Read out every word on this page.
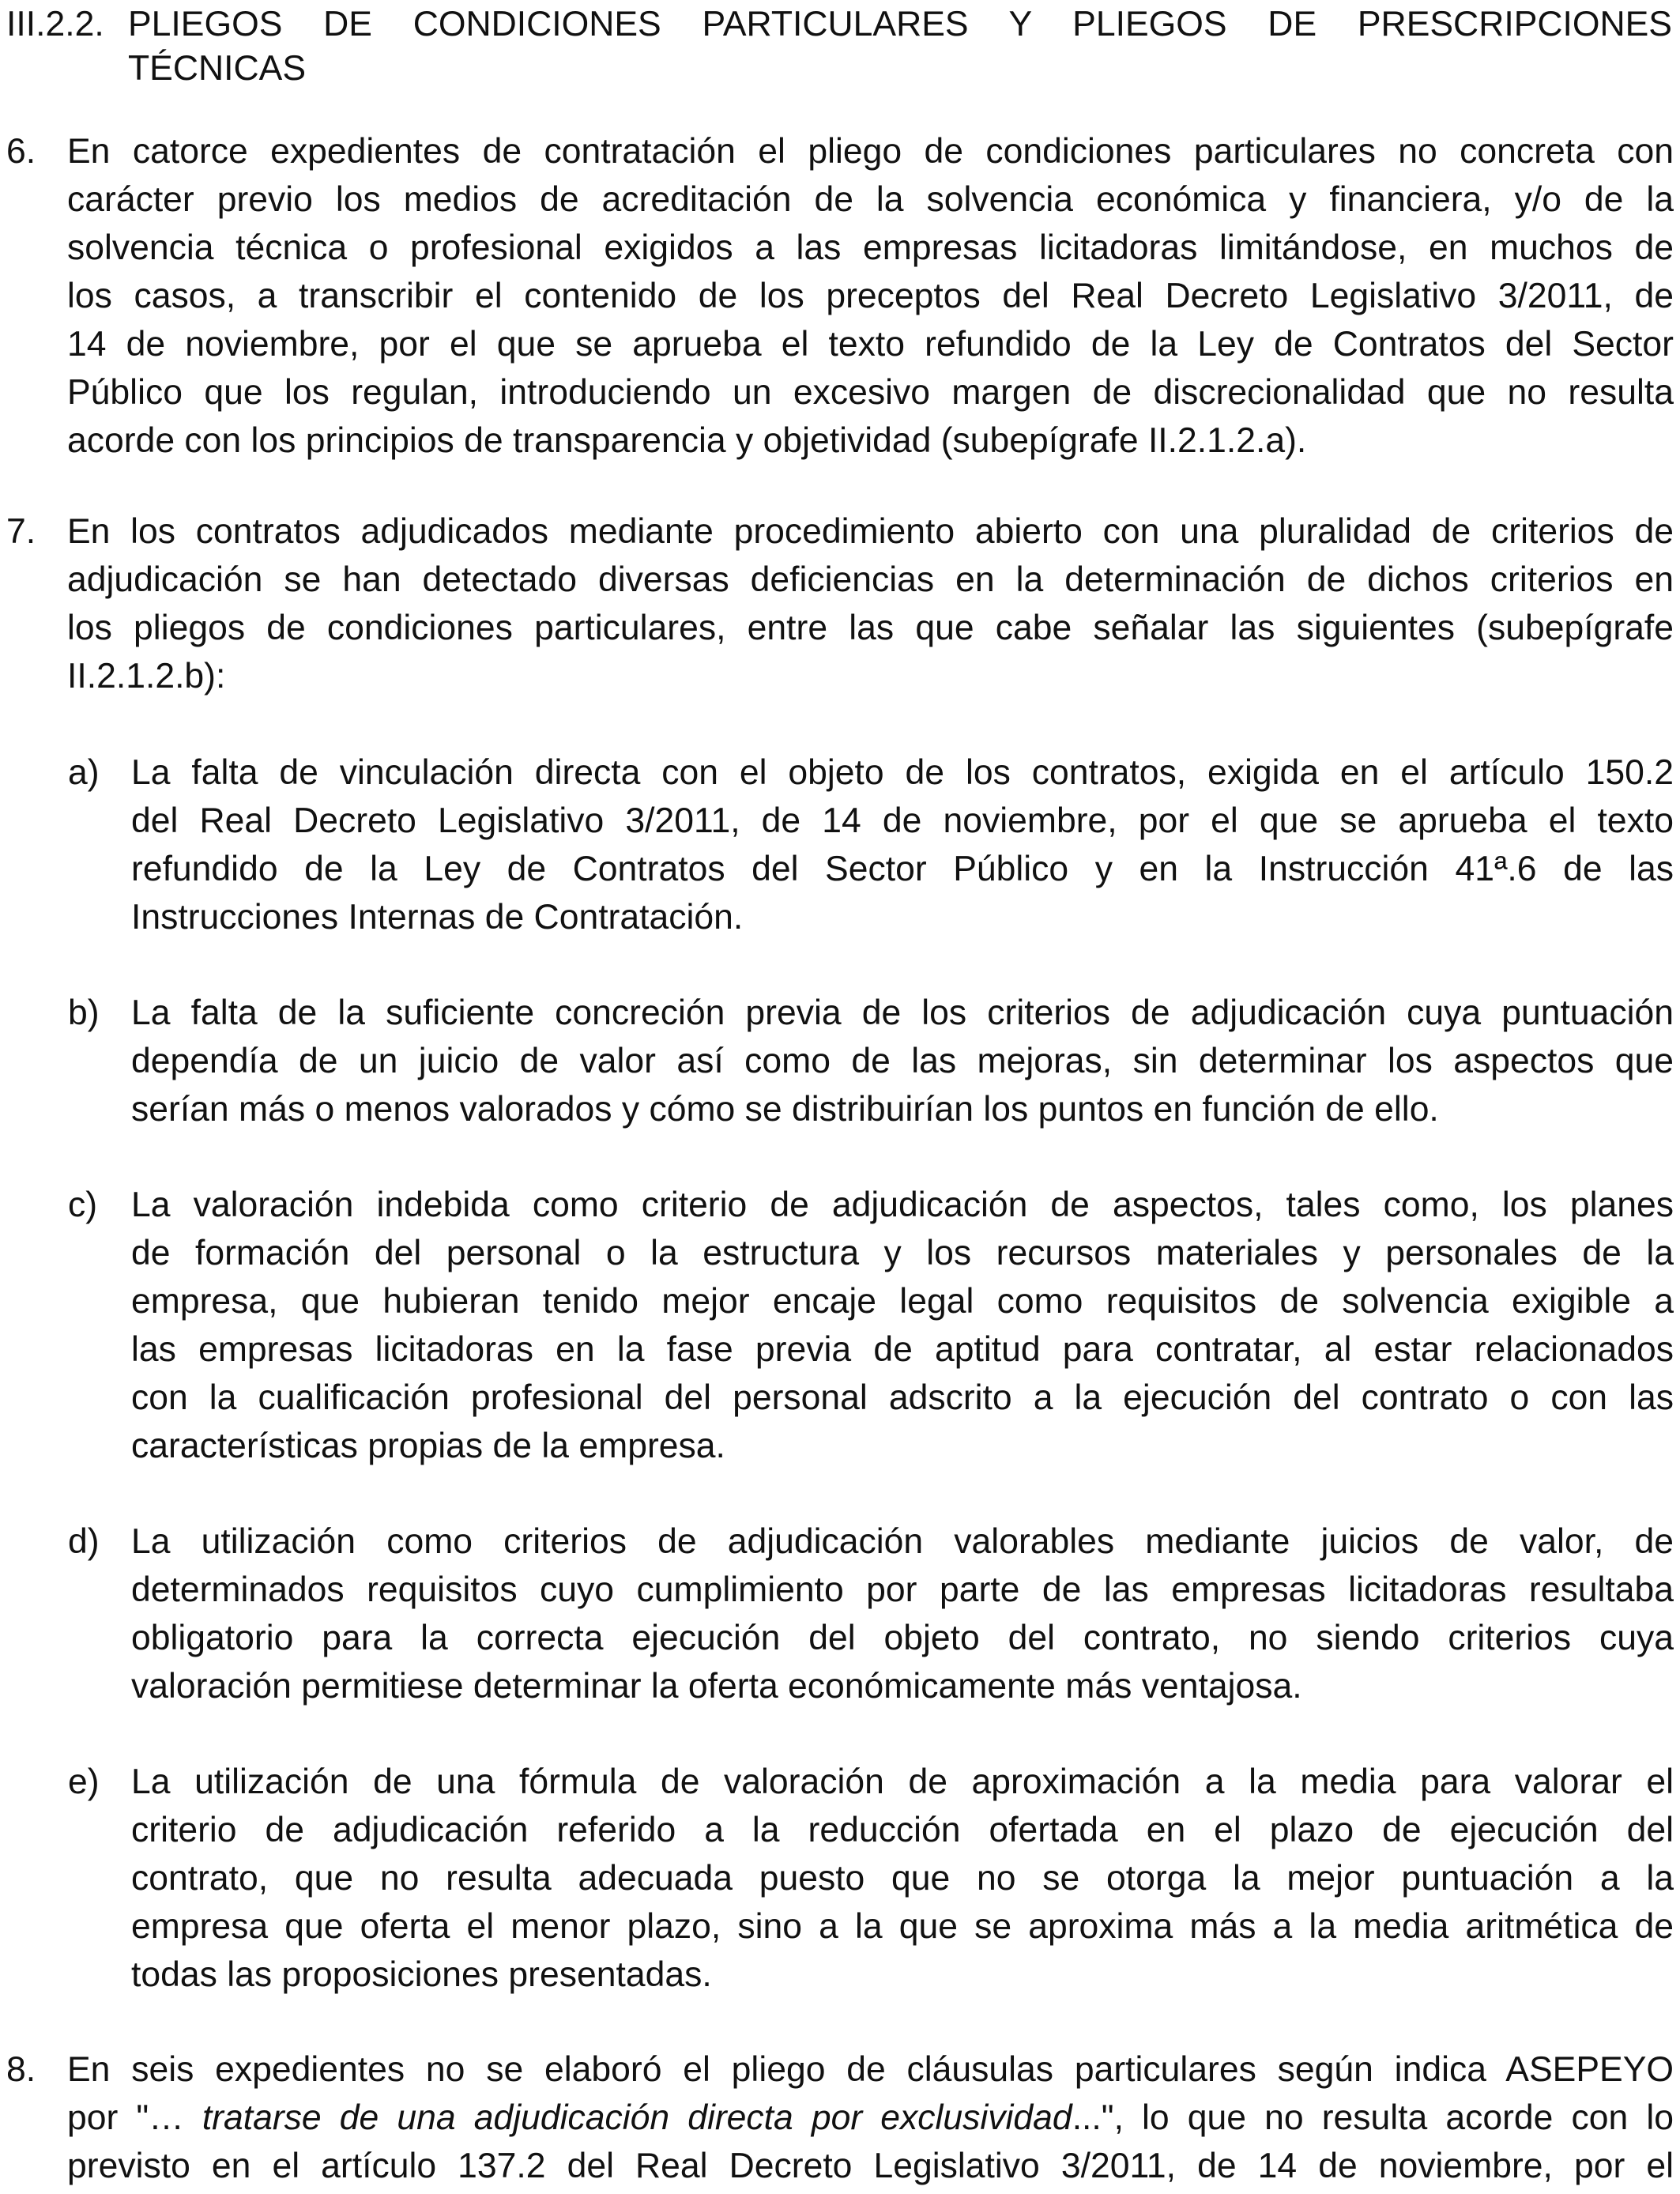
III.2.2. PLIEGOS DE CONDICIONES PARTICULARES Y PLIEGOS DE PRESCRIPCIONES
TÉCNICAS
6. En catorce expedientes de contratación el pliego de condiciones particulares no concreta con
carácter previo los medios de acreditación de la solvencia económica y financiera, y/o de la
solvencia técnica o profesional exigidos a las empresas licitadoras limitándose, en muchos de
los casos, a transcribir el contenido de los preceptos del Real Decreto Legislativo 3/2011, de
14 de noviembre, por el que se aprueba el texto refundido de la Ley de Contratos del Sector
Público que los regulan, introduciendo un excesivo margen de discrecionalidad que no resulta
acorde con los principios de transparencia y objetividad (subepígrafe II.2.1.2.a).
7. En los contratos adjudicados mediante procedimiento abierto con una pluralidad de criterios de
adjudicación se han detectado diversas deficiencias en la determinación de dichos criterios en
los pliegos de condiciones particulares, entre las que cabe señalar las siguientes (subepígrafe
II.2.1.2.b):
a) La falta de vinculación directa con el objeto de los contratos, exigida en el artículo 150.2
del Real Decreto Legislativo 3/2011, de 14 de noviembre, por el que se aprueba el texto
refundido de la Ley de Contratos del Sector Público y en la Instrucción 41ª.6 de las
Instrucciones Internas de Contratación.
b) La falta de la suficiente concreción previa de los criterios de adjudicación cuya puntuación
dependía de un juicio de valor así como de las mejoras, sin determinar los aspectos que
serían más o menos valorados y cómo se distribuirían los puntos en función de ello.
c) La valoración indebida como criterio de adjudicación de aspectos, tales como, los planes
de formación del personal o la estructura y los recursos materiales y personales de la
empresa, que hubieran tenido mejor encaje legal como requisitos de solvencia exigible a
las empresas licitadoras en la fase previa de aptitud para contratar, al estar relacionados
con la cualificación profesional del personal adscrito a la ejecución del contrato o con las
características propias de la empresa.
d) La utilización como criterios de adjudicación valorables mediante juicios de valor, de
determinados requisitos cuyo cumplimiento por parte de las empresas licitadoras resultaba
obligatorio para la correcta ejecución del objeto del contrato, no siendo criterios cuya
valoración permitiese determinar la oferta económicamente más ventajosa.
e) La utilización de una fórmula de valoración de aproximación a la media para valorar el
criterio de adjudicación referido a la reducción ofertada en el plazo de ejecución del
contrato, que no resulta adecuada puesto que no se otorga la mejor puntuación a la
empresa que oferta el menor plazo, sino a la que se aproxima más a la media aritmética de
todas las proposiciones presentadas.
8. En seis expedientes no se elaboró el pliego de cláusulas particulares según indica ASEPEYO
por "… tratarse de una adjudicación directa por exclusividad...", lo que no resulta acorde con lo
previsto en el artículo 137.2 del Real Decreto Legislativo 3/2011, de 14 de noviembre, por el
